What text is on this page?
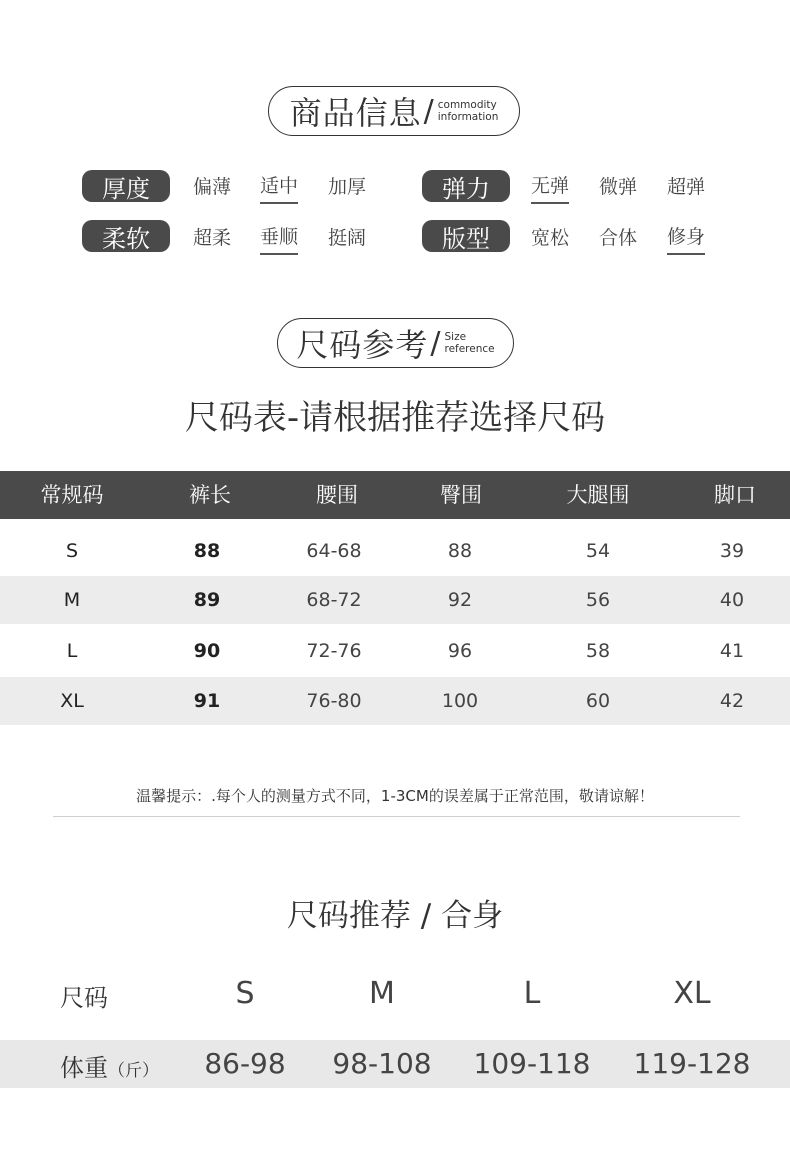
商品信息 / commodity
information
厚度	偏薄 适中 加厚	弹力	无弹 微弹 超弹
柔软	超柔 垂顺 挺阔	版型	宽松 合体 修身
尺码参考 / Size
reference
尺码表-请根据推荐选择尺码
常规码	裤长	腰围	臀围	大腿围	脚口
S	88	64-68	88	54	39
M	89	68-72	92	56	40
L	90	72-76	96	58	41
XL	91	76-80	100	60	42
温馨提示：.每个人的测量方式不同，1-3CM的误差属于正常范围，敬请谅解！
尺码推荐 / 合身
尺码	S	M	L	XL
体重（斤） 86-98 98-108 109-118 119-128
